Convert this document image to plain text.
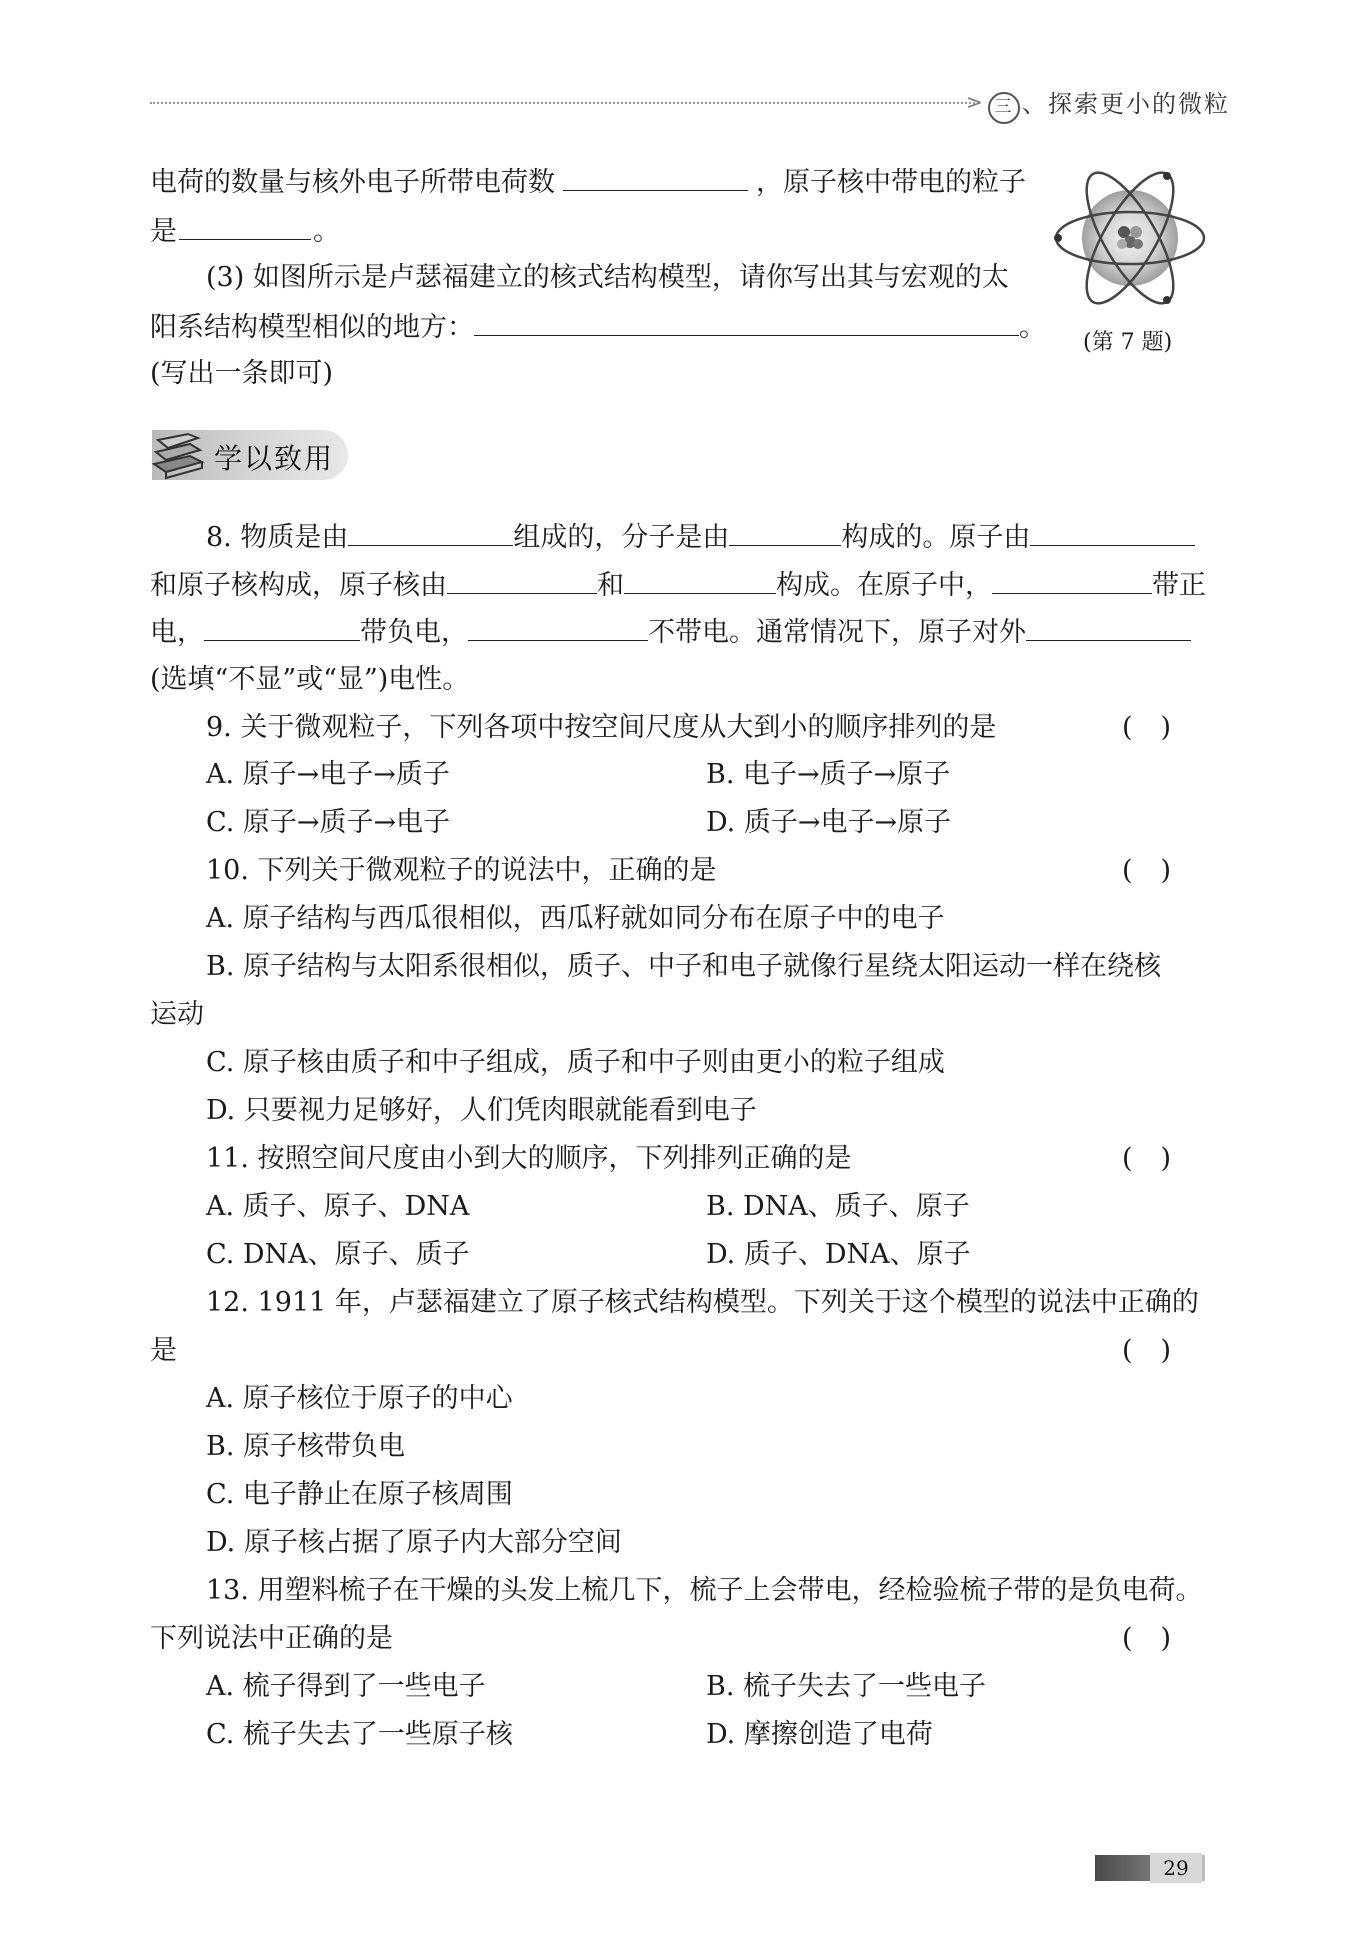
> 三 、探索更小的微粒
电荷的数量与核外电子所带电荷数	，原子核中带电的粒子
是	。
(3) 如图所示是卢瑟福建立的核式结构模型，请你写出其与宏观的太
阳系结构模型相似的地方：	。
(写出一条即可)
(第 7 题)
学以致用
8. 物质是由	组成的，分子是由	构成的。原子由
和原子核构成，原子核由	和	构成。在原子中，	带正
电，	带负电，	不带电。通常情况下，原子对外
(选填“不显”或“显”)电性。
9. 关于微观粒子，下列各项中按空间尺度从大到小的顺序排列的是	()
A. 原子→电子→质子	B. 电子→质子→原子
C. 原子→质子→电子	D. 质子→电子→原子
10. 下列关于微观粒子的说法中，正确的是	()
A. 原子结构与西瓜很相似，西瓜籽就如同分布在原子中的电子
B. 原子结构与太阳系很相似，质子、中子和电子就像行星绕太阳运动一样在绕核
运动
C. 原子核由质子和中子组成，质子和中子则由更小的粒子组成
D. 只要视力足够好，人们凭肉眼就能看到电子
11. 按照空间尺度由小到大的顺序，下列排列正确的是	()
A. 质子、原子、DNA	B. DNA、质子、原子
C. DNA、原子、质子	D. 质子、DNA、原子
12. 1911 年，卢瑟福建立了原子核式结构模型。下列关于这个模型的说法中正确的
是	()
A. 原子核位于原子的中心
B. 原子核带负电
C. 电子静止在原子核周围
D. 原子核占据了原子内大部分空间
13. 用塑料梳子在干燥的头发上梳几下，梳子上会带电，经检验梳子带的是负电荷。
下列说法中正确的是	()
A. 梳子得到了一些电子	B. 梳子失去了一些电子
C. 梳子失去了一些原子核	D. 摩擦创造了电荷
29
